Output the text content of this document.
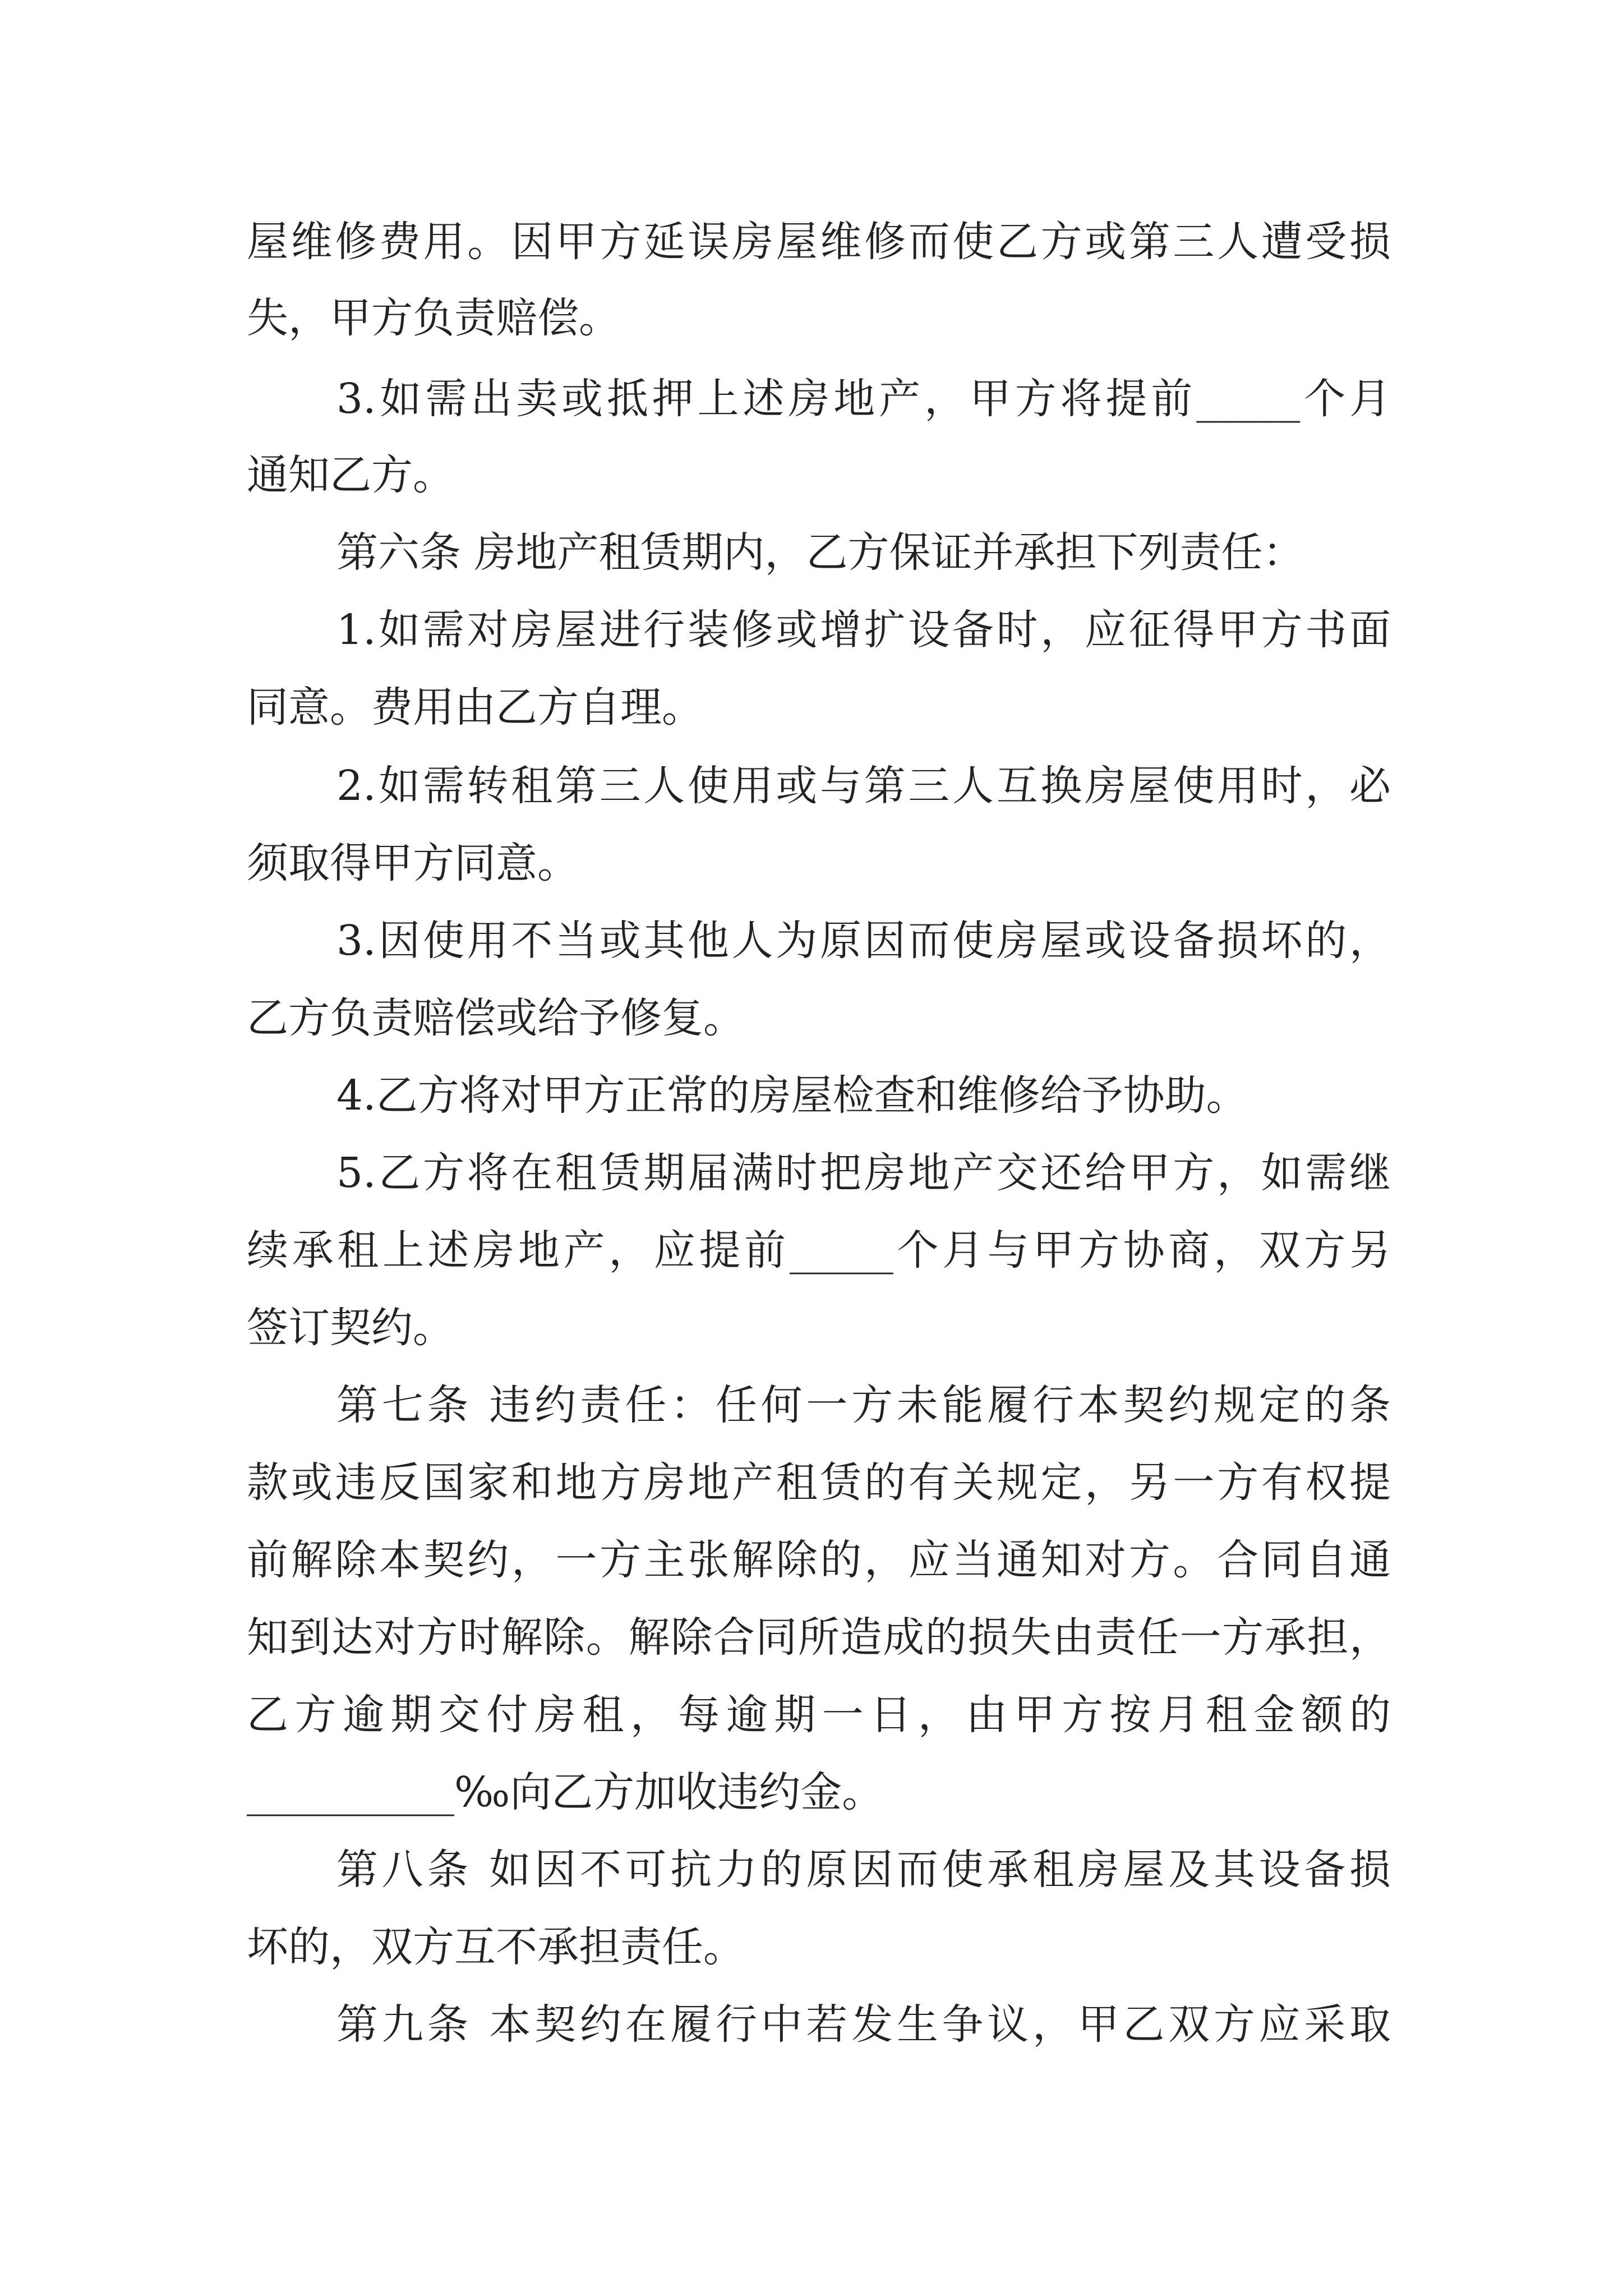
屋维修费用。因甲方延误房屋维修而使乙方或第三人遭受损
失，甲方负责赔偿。
3.如需出卖或抵押上述房地产，甲方将提前_____个月
通知乙方。
第六条 房地产租赁期内，乙方保证并承担下列责任：
1.如需对房屋进行装修或增扩设备时，应征得甲方书面
同意。费用由乙方自理。
2.如需转租第三人使用或与第三人互换房屋使用时，必
须取得甲方同意。
3.因使用不当或其他人为原因而使房屋或设备损坏的，
乙方负责赔偿或给予修复。
4.乙方将对甲方正常的房屋检查和维修给予协助。
5.乙方将在租赁期届满时把房地产交还给甲方，如需继
续承租上述房地产，应提前_____个月与甲方协商，双方另
签订契约。
第七条 违约责任：任何一方未能履行本契约规定的条
款或违反国家和地方房地产租赁的有关规定，另一方有权提
前解除本契约，一方主张解除的，应当通知对方。合同自通
知到达对方时解除。解除合同所造成的损失由责任一方承担，
乙方逾期交付房租，每逾期一日，由甲方按月租金额的
__________‰向乙方加收违约金。
第八条 如因不可抗力的原因而使承租房屋及其设备损
坏的，双方互不承担责任。
第九条 本契约在履行中若发生争议，甲乙双方应采取
